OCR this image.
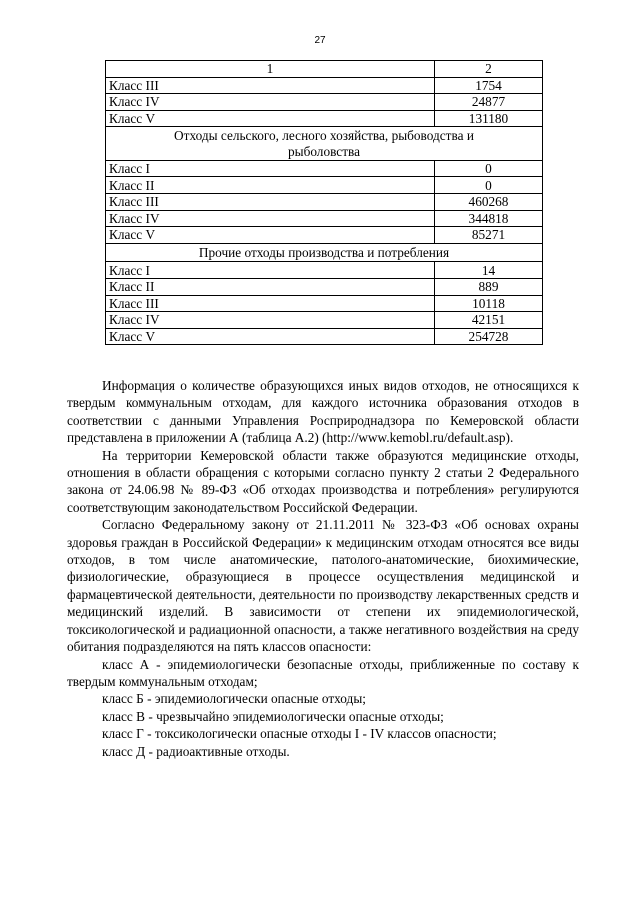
27
1	2
Класс III	1754
Класс IV	24877
Класс V	131180
Отходы сельского, лесного хозяйства, рыбоводства и рыболовства	
Класс I	0
Класс II	0
Класс III	460268
Класс IV	344818
Класс V	85271
Прочие отходы производства и потребления	
Класс I	14
Класс II	889
Класс III	10118
Класс IV	42151
Класс V	254728

Информация о количестве образующихся иных видов отходов, не относящихся к твердым коммунальным отходам, для каждого источника образования отходов в соответствии с данными Управления Росприроднадзора по Кемеровской области представлена в приложении А (таблица А.2) (http://www.kemobl.ru/default.asp).

На территории Кемеровской области также образуются медицинские отходы, отношения в области обращения с которыми согласно пункту 2 статьи 2 Федерального закона от 24.06.98 № 89-ФЗ «Об отходах производства и потребления» регулируются соответствующим законодательством Российской Федерации.

Согласно Федеральному закону от 21.11.2011 № 323-ФЗ «Об основах охраны здоровья граждан в Российской Федерации» к медицинским отходам относятся все виды отходов, в том числе анатомические, патолого-анатомические, биохимические, физиологические, образующиеся в процессе осуществления медицинской и фармацевтической деятельности, деятельности по производству лекарственных средств и медицинский изделий. В зависимости от степени их эпидемиологической, токсикологической и радиационной опасности, а также негативного воздействия на среду обитания подразделяются на пять классов опасности:

класс А - эпидемиологически безопасные отходы, приближенные по составу к твердым коммунальным отходам;

класс Б - эпидемиологически опасные отходы;

класс В - чрезвычайно эпидемиологически опасные отходы;

класс Г - токсикологически опасные отходы I - IV классов опасности;

класс Д - радиоактивные отходы.
